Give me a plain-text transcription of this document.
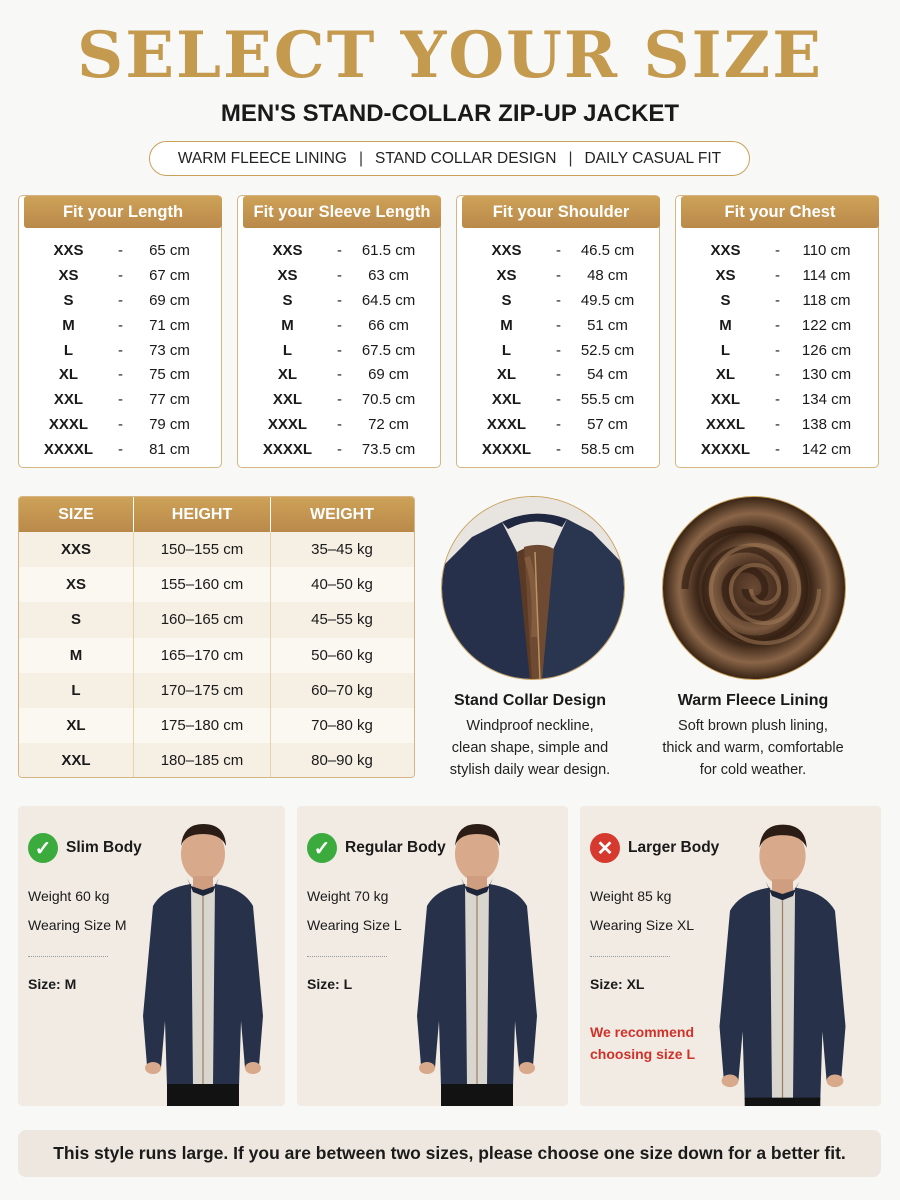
SELECT YOUR SIZE
MEN'S STAND-COLLAR ZIP-UP JACKET
WARM FLEECE LINING | STAND COLLAR DESIGN | DAILY CASUAL FIT
Fit your Length
XXS	-	65 cm
XS	-	67 cm
S	-	69 cm
M	-	71 cm
L	-	73 cm
XL	-	75 cm
XXL	-	77 cm
XXXL	-	79 cm
XXXXL	-	81 cm
Fit your Sleeve Length
XXS	-	61.5 cm
XS	-	63 cm
S	-	64.5 cm
M	-	66 cm
L	-	67.5 cm
XL	-	69 cm
XXL	-	70.5 cm
XXXL	-	72 cm
XXXXL	-	73.5 cm
Fit your Shoulder
XXS	-	46.5 cm
XS	-	48 cm
S	-	49.5 cm
M	-	51 cm
L	-	52.5 cm
XL	-	54 cm
XXL	-	55.5 cm
XXXL	-	57 cm
XXXXL	-	58.5 cm
Fit your Chest
XXS	-	110 cm
XS	-	114 cm
S	-	118 cm
M	-	122 cm
L	-	126 cm
XL	-	130 cm
XXL	-	134 cm
XXXL	-	138 cm
XXXXL	-	142 cm
SIZE	HEIGHT	WEIGHT
XXS	150–155 cm	35–45 kg
XS	155–160 cm	40–50 kg
S	160–165 cm	45–55 kg
M	165–170 cm	50–60 kg
L	170–175 cm	60–70 kg
XL	175–180 cm	70–80 kg
XXL	180–185 cm	80–90 kg
Stand Collar Design
Windproof neckline,
clean shape, simple and
stylish daily wear design.
Warm Fleece Lining
Soft brown plush lining,
thick and warm, comfortable
for cold weather.
✓ Slim Body
Weight 60 kg
Wearing Size M
Size: M
✓ Regular Body
Weight 70 kg
Wearing Size L
Size: L
✕ Larger Body
Weight 85 kg
Wearing Size XL
Size: XL
We recommend
choosing size L
This style runs large. If you are between two sizes, please choose one size down for a better fit.
